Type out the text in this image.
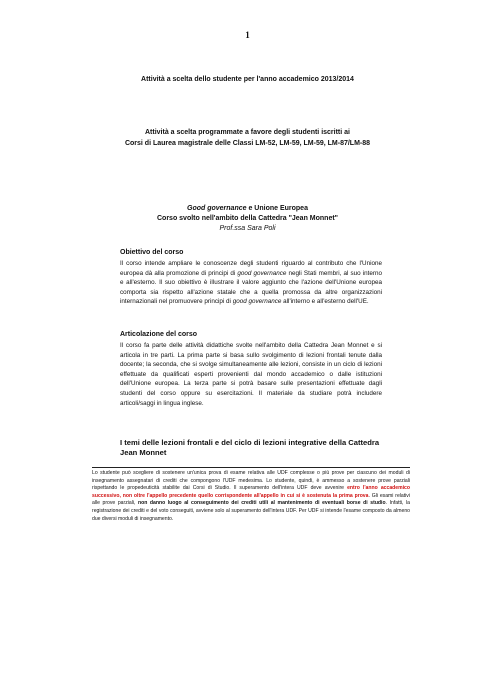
1
Attività a scelta dello studente per l'anno accademico 2013/2014
Attività a scelta programmate a favore degli studenti iscritti ai
Corsi di Laurea magistrale delle Classi LM-52, LM-59, LM-59, LM-87/LM-88
Good governance e Unione Europea
Corso svolto nell'ambito della Cattedra "Jean Monnet"
Prof.ssa Sara Poli
Obiettivo del corso
Il corso intende ampliare le conoscenze degli studenti riguardo al contributo che l'Unione europea dà alla promozione di principi di good governance negli Stati membri, al suo interno e all'esterno. Il suo obiettivo è illustrare il valore aggiunto che l'azione dell'Unione europea comporta sia rispetto all'azione statale che a quella promossa da altre organizzazioni internazionali nel promuovere principi di good governance all'interno e all'esterno dell'UE.
Articolazione del corso
Il corso fa parte delle attività didattiche svolte nell'ambito della Cattedra Jean Monnet e si articola in tre parti. La prima parte si basa sullo svolgimento di lezioni frontali tenute dalla docente; la seconda, che si svolge simultaneamente alle lezioni, consiste in un ciclo di lezioni effettuate da qualificati esperti provenienti dal mondo accademico o dalle istituzioni dell'Unione europea. La terza parte si potrà basare sulle presentazioni effettuate dagli studenti del corso oppure su esercitazioni. Il materiale da studiare potrà includere articoli/saggi in lingua inglese.
I temi delle lezioni frontali e del ciclo di lezioni integrative della Cattedra Jean Monnet
Lo studente può scegliere di sostenere un'unica prova di esame relativa alle UDF complesse o più prove per ciascuno dei moduli di insegnamento assegnatari di crediti che compongono l'UDF medesima. Lo studente, quindi, è ammesso a sostenere prove parziali rispettando le propedeuticità stabilite dai Corsi di Studio. Il superamento dell'intera UDF deve avvenire entro l'anno accademico successivo, non oltre l'appello precedente quello corrispondente all'appello in cui si è sostenuta la prima prova. Gli esami relativi alle prove parziali, non danno luogo al conseguimento dei crediti utili al mantenimento di eventuali borse di studio. Infatti, la registrazione dei crediti e del voto conseguiti, avviene solo al superamento dell'intera UDF. Per UDF si intende l'esame composto da almeno due diversi moduli di insegnamento.
